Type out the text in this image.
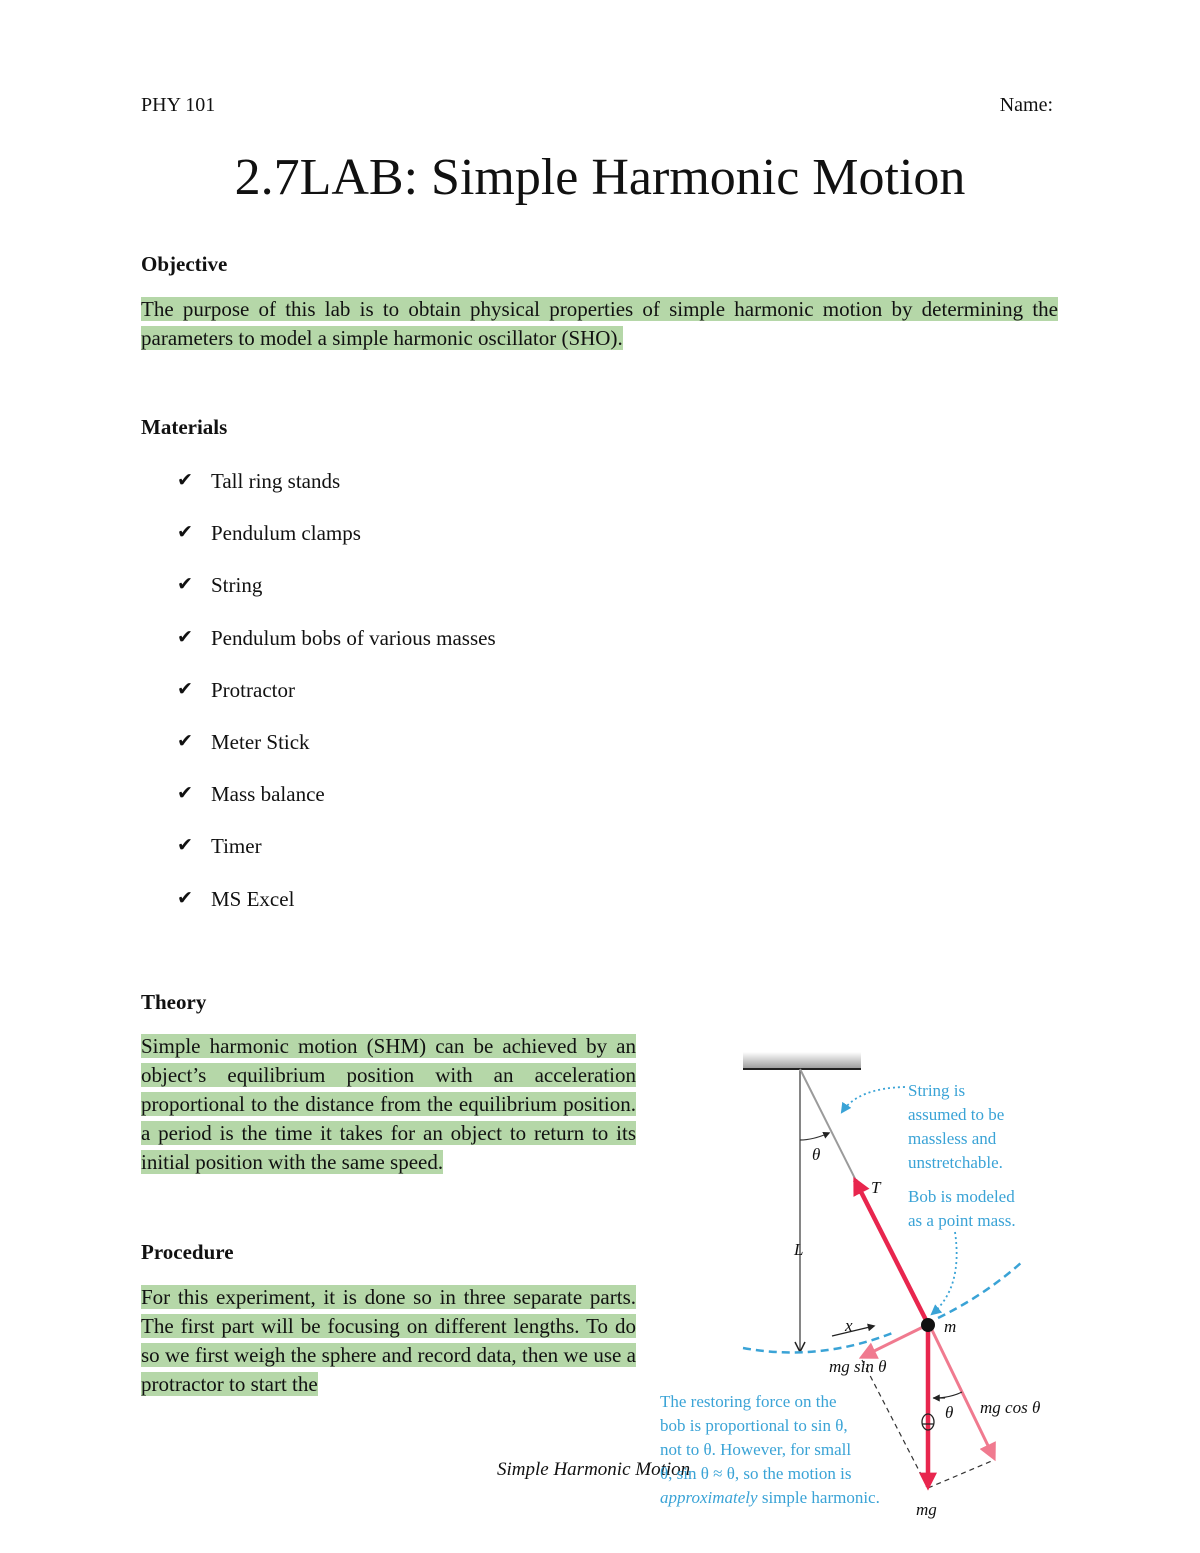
PHY 101	Name:
2.7LAB: Simple Harmonic Motion
Objective
The purpose of this lab is to obtain physical properties of simple harmonic motion by determining the parameters to model a simple harmonic oscillator (SHO).
Materials
✔ Tall ring stands
✔ Pendulum clamps
✔ String
✔ Pendulum bobs of various masses
✔ Protractor
✔ Meter Stick
✔ Mass balance
✔ Timer
✔ MS Excel
Theory
Simple harmonic motion (SHM) can be achieved by an object’s equilibrium position with an acceleration proportional to the distance from the equilibrium position. a period is the time it takes for an object to return to its initial position with the same speed.
Procedure
For this experiment, it is done so in three separate parts. The first part will be focusing on different lengths. To do so we first weigh the sphere and record data, then we use a protractor to start the
Simple Harmonic Motion
θ
T
L
m
x
mg sin θ
θ mg cos θ
mg
String is assumed to be massless and unstretchable.
Bob is modeled as a point mass.
The restoring force on the bob is proportional to sin θ, not to θ. However, for small θ, sin θ ≈ θ, so the motion is approximately simple harmonic.
